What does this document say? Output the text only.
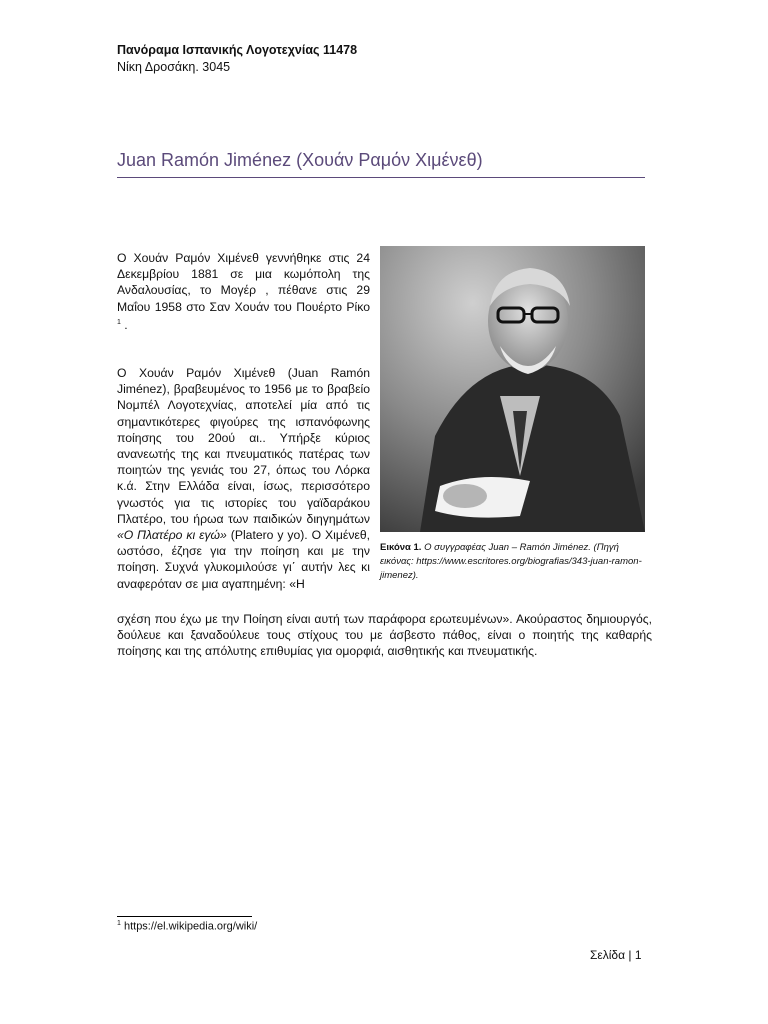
Πανόραμα Ισπανικής Λογοτεχνίας 11478
Νίκη Δροσάκη. 3045
Juan Ramón Jiménez (Χουάν Ραμόν Χιμένεθ)
Ο Χουάν Ραμόν Χιμένεθ γεννήθηκε στις 24 Δεκεμβρίου 1881 σε μια κωμόπολη της Ανδαλουσίας, το Μογέρ , πέθανε στις 29 Μαΐου 1958 στο Σαν Χουάν του Πουέρτο Ρίκο $^1$ .
Ο Χουάν Ραμόν Χιμένεθ (Juan Ramón Jiménez), βραβευμένος το 1956 με το βραβείο Νομπέλ Λογοτεχνίας, αποτελεί μία από τις σημαντικότερες φιγούρες της ισπανόφωνης ποίησης του 20ού αι.. Υπήρξε κύριος ανανεωτής της και πνευματικός πατέρας των ποιητών της γενιάς του 27, όπως του Λόρκα κ.ά. Στην Ελλάδα είναι, ίσως, περισσότερο γνωστός για τις ιστορίες του γαϊδαράκου Πλατέρο, του ήρωα των παιδικών διηγημάτων «Ο Πλατέρο κι εγώ» (Platero y yo). Ο Χιμένεθ, ωστόσο, έζησε για την ποίηση και με την ποίηση. Συχνά γλυκομιλούσε γι΄ αυτήν λες κι αναφερόταν σε μια αγαπημένη: «Η
Εικόνα 1. Ο συγγραφέας Juan – Ramón Jiménez. (Πηγή εικόνας: https://www.escritores.org/biografias/343-juan-ramon-jimenez).
σχέση που έχω με την Ποίηση είναι αυτή των παράφορα ερωτευμένων». Ακούραστος δημιουργός, δούλευε και ξαναδούλευε τους στίχους του με άσβεστο πάθος, είναι ο ποιητής της καθαρής ποίησης και της απόλυτης επιθυμίας για ομορφιά, αισθητικής και πνευματικής.
$^1$ https://el.wikipedia.org/wiki/
Σελίδα | 1
